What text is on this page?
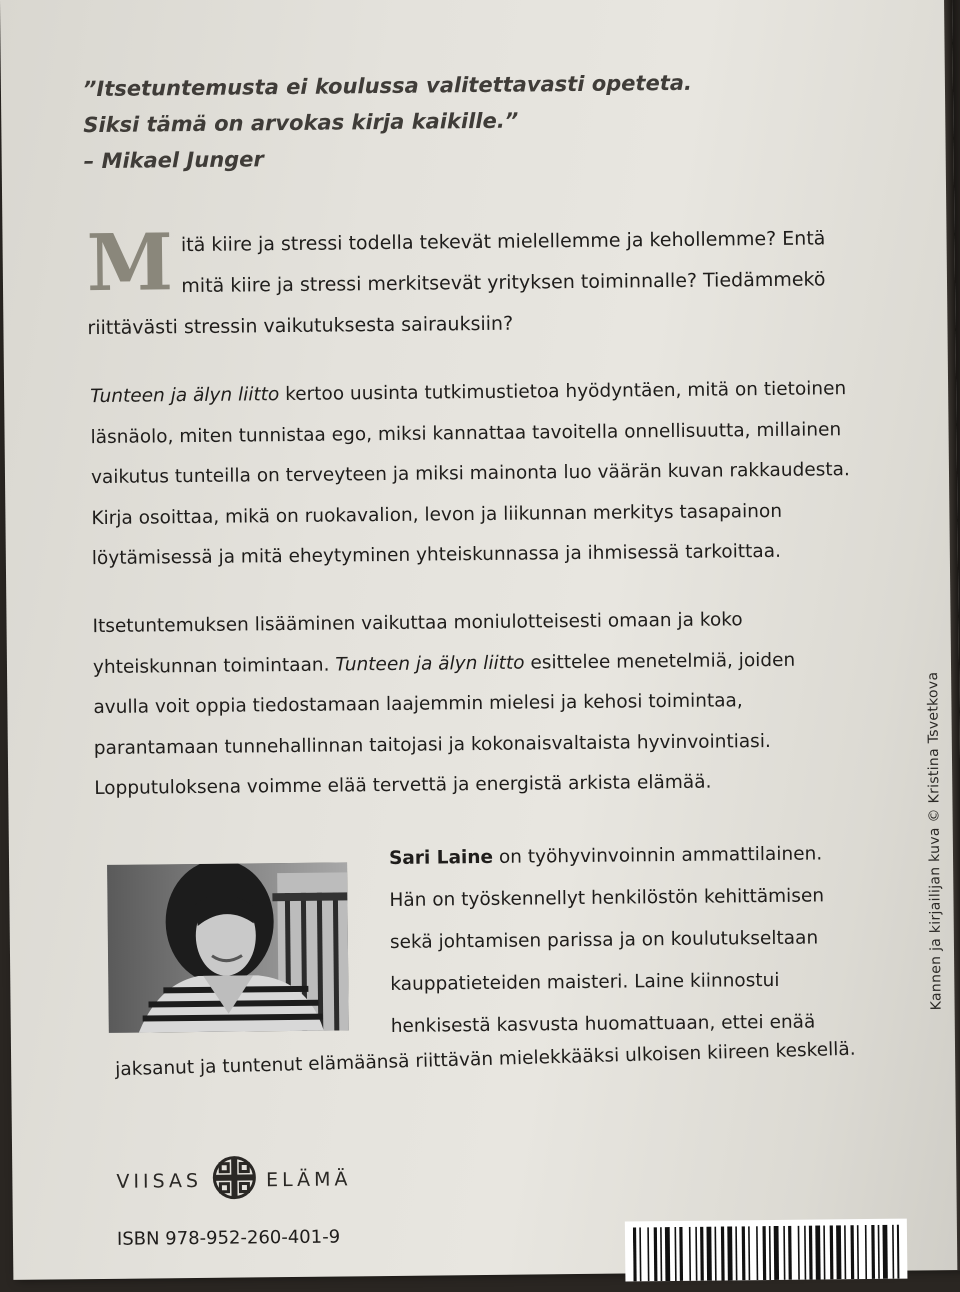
”Itsetuntemusta ei koulussa valitettavasti opeteta.
Siksi tämä on arvokas kirja kaikille.”
– Mikael Junger
M itä kiire ja stressi todella tekevät mielellemme ja kehollemme? Entä
mitä kiire ja stressi merkitsevät yrityksen toiminnalle? Tiedämmekö
riittävästi stressin vaikutuksesta sairauksiin?
Tunteen ja älyn liitto kertoo uusinta tutkimustietoa hyödyntäen, mitä on tietoinen
läsnäolo, miten tunnistaa ego, miksi kannattaa tavoitella onnellisuutta, millainen
vaikutus tunteilla on terveyteen ja miksi mainonta luo väärän kuvan rakkaudesta.
Kirja osoittaa, mikä on ruokavalion, levon ja liikunnan merkitys tasapainon
löytämisessä ja mitä eheytyminen yhteiskunnassa ja ihmisessä tarkoittaa.
Itsetuntemuksen lisääminen vaikuttaa moniulotteisesti omaan ja koko
yhteiskunnan toimintaan. Tunteen ja älyn liitto esittelee menetelmiä, joiden
avulla voit oppia tiedostamaan laajemmin mielesi ja kehosi toimintaa,
parantamaan tunnehallinnan taitojasi ja kokonaisvaltaista hyvinvointiasi.
Lopputuloksena voimme elää tervettä ja energistä arkista elämää.
Sari Laine on työhyvinvoinnin ammattilainen.
Hän on työskennellyt henkilöstön kehittämisen
sekä johtamisen parissa ja on koulutukseltaan
kauppatieteiden maisteri. Laine kiinnostui
henkisestä kasvusta huomattuaan, ettei enää
jaksanut ja tuntenut elämäänsä riittävän mielekkääksi ulkoisen kiireen keskellä.
Kannen ja kirjailijan kuva © Kristina Tsvetkova
VIISAS	ELÄMÄ
ISBN 978-952-260-401-9
